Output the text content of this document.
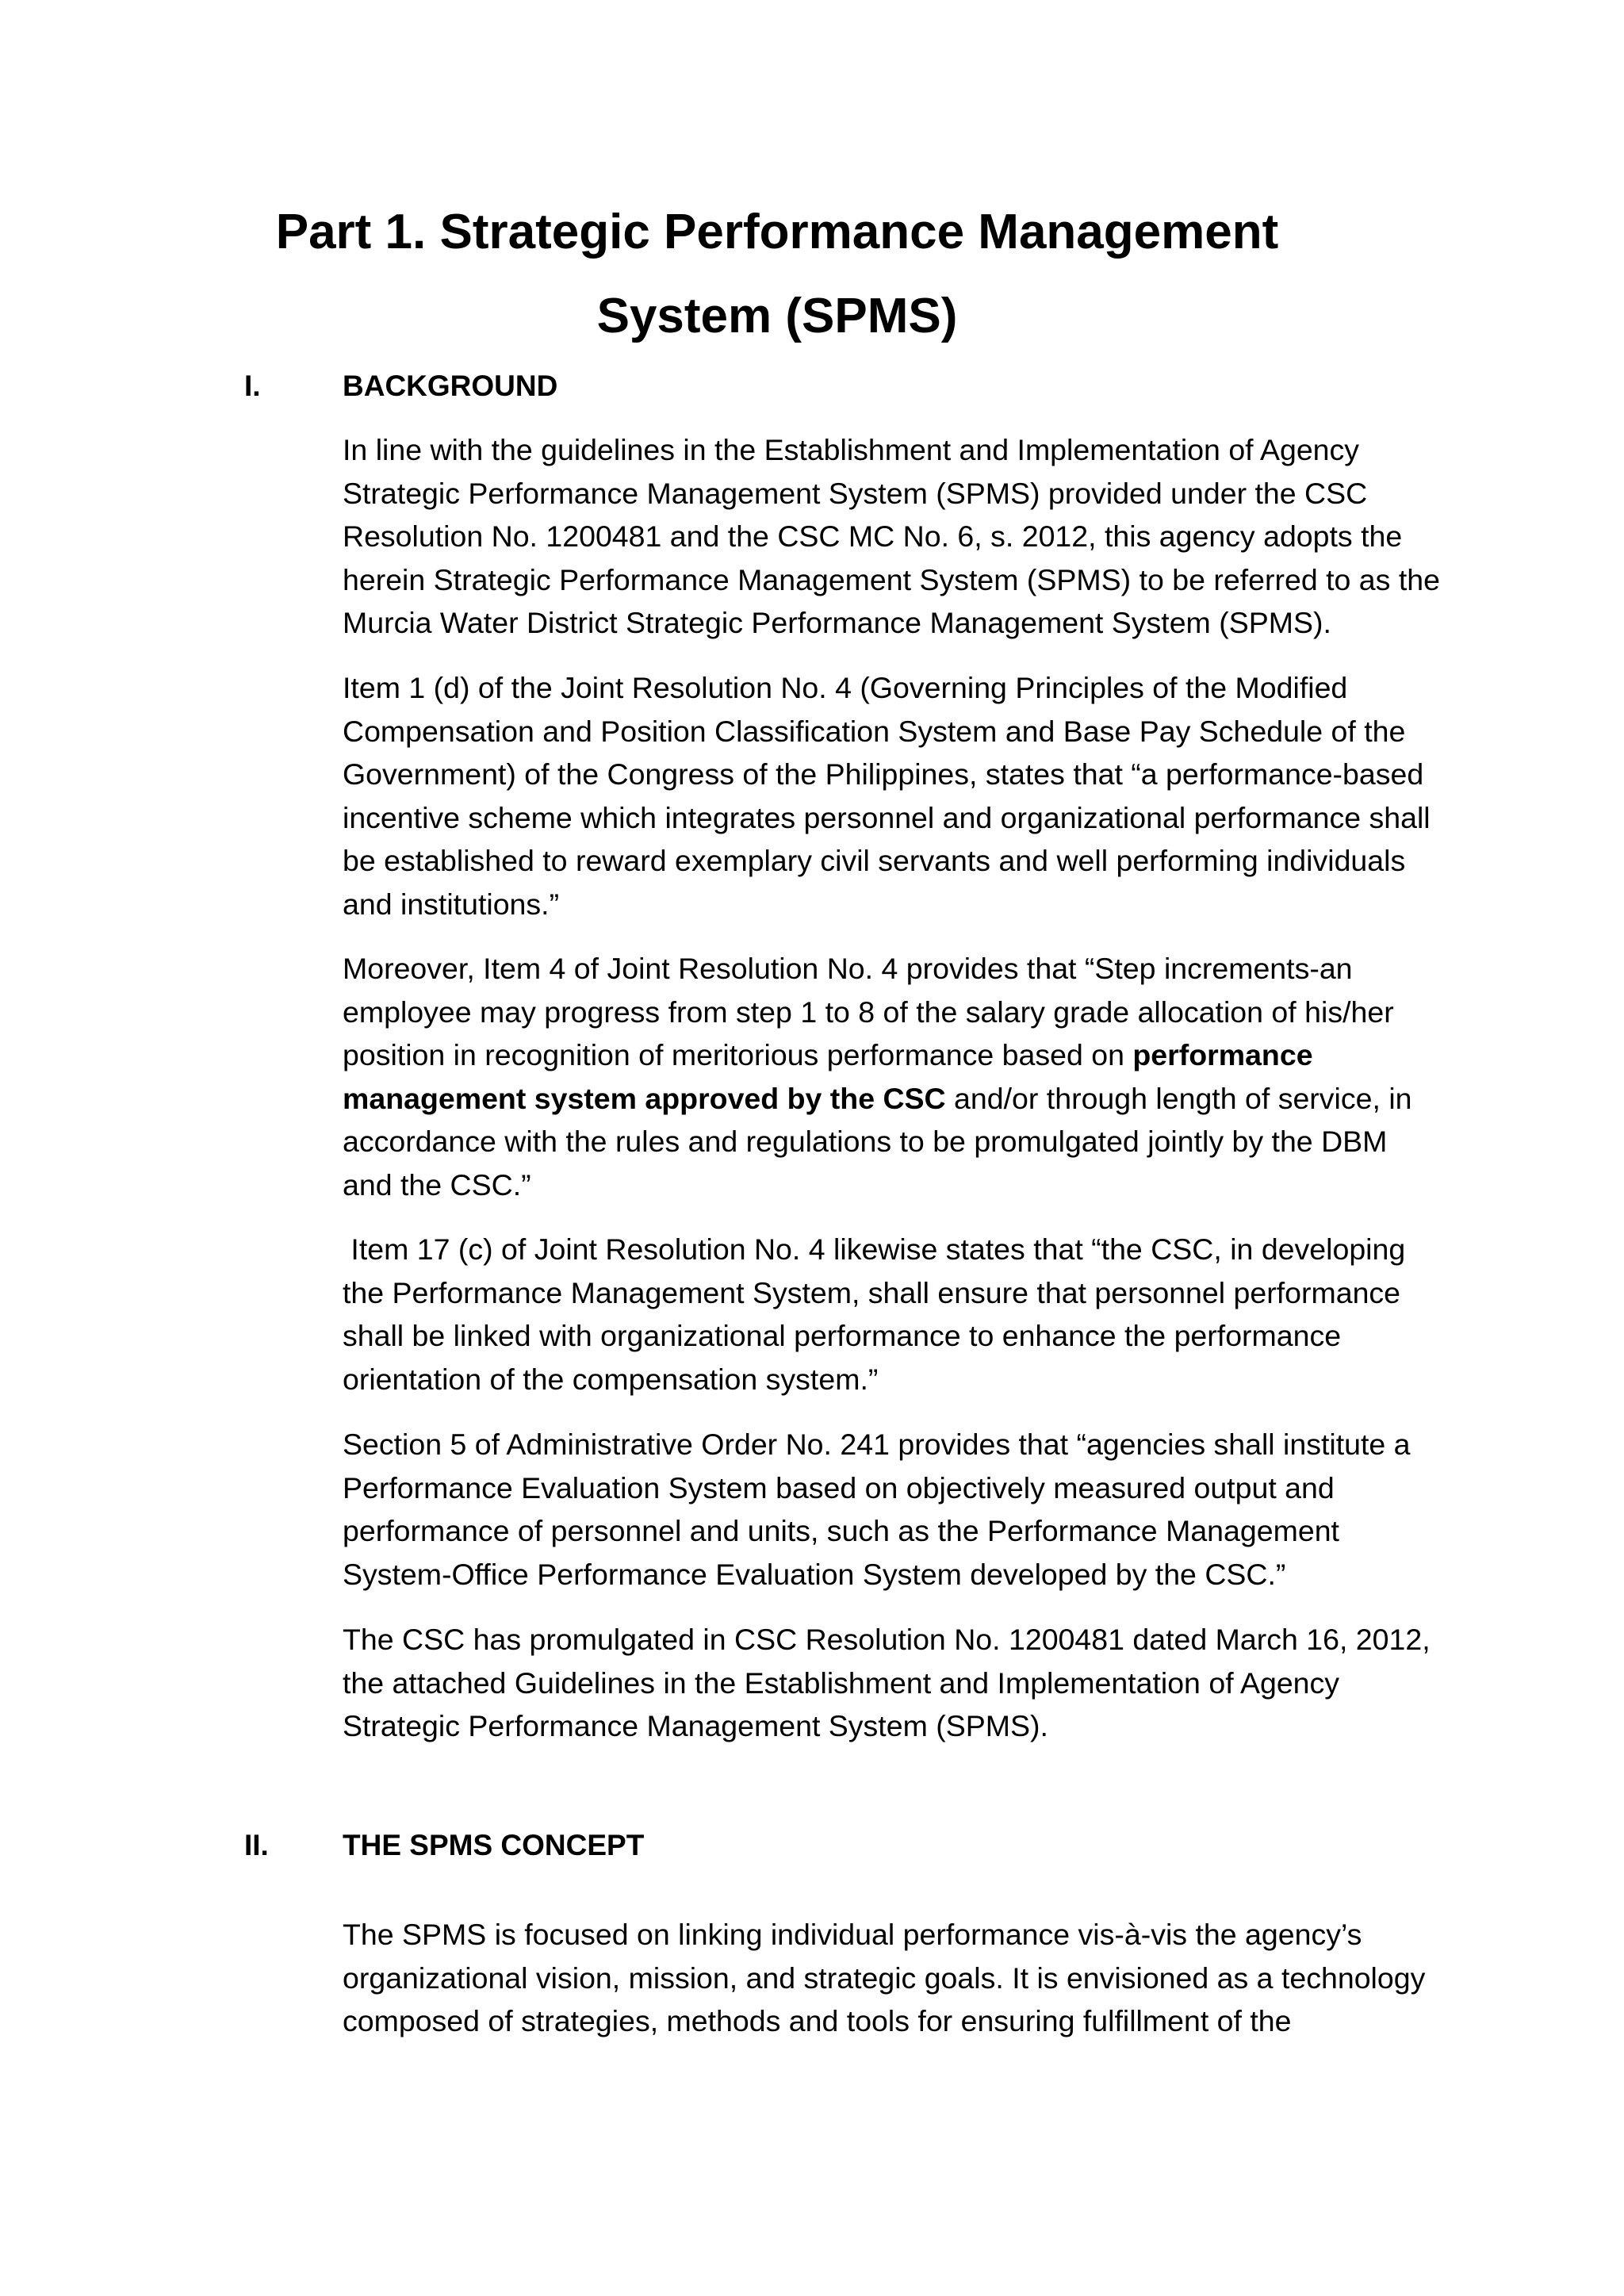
Part 1. Strategic Performance Management System (SPMS)
I.	BACKGROUND

In line with the guidelines in the Establishment and Implementation of Agency Strategic Performance Management System (SPMS) provided under the CSC Resolution No. 1200481 and the CSC MC No. 6, s. 2012, this agency adopts the herein Strategic Performance Management System (SPMS) to be referred to as the Murcia Water District Strategic Performance Management System (SPMS).

Item 1 (d) of the Joint Resolution No. 4 (Governing Principles of the Modified Compensation and Position Classification System and Base Pay Schedule of the Government) of the Congress of the Philippines, states that “a performance-based incentive scheme which integrates personnel and organizational performance shall be established to reward exemplary civil servants and well performing individuals and institutions.”

Moreover, Item 4 of Joint Resolution No. 4 provides that “Step increments-an employee may progress from step 1 to 8 of the salary grade allocation of his/her position in recognition of meritorious performance based on performance management system approved by the CSC and/or through length of service, in accordance with the rules and regulations to be promulgated jointly by the DBM and the CSC.”

Item 17 (c) of Joint Resolution No. 4 likewise states that “the CSC, in developing the Performance Management System, shall ensure that personnel performance shall be linked with organizational performance to enhance the performance orientation of the compensation system.”

Section 5 of Administrative Order No. 241 provides that “agencies shall institute a Performance Evaluation System based on objectively measured output and performance of personnel and units, such as the Performance Management System-Office Performance Evaluation System developed by the CSC.”

The CSC has promulgated in CSC Resolution No. 1200481 dated March 16, 2012, the attached Guidelines in the Establishment and Implementation of Agency Strategic Performance Management System (SPMS).

II.	THE SPMS CONCEPT

The SPMS is focused on linking individual performance vis-à-vis the agency’s organizational vision, mission, and strategic goals. It is envisioned as a technology composed of strategies, methods and tools for ensuring fulfillment of the
